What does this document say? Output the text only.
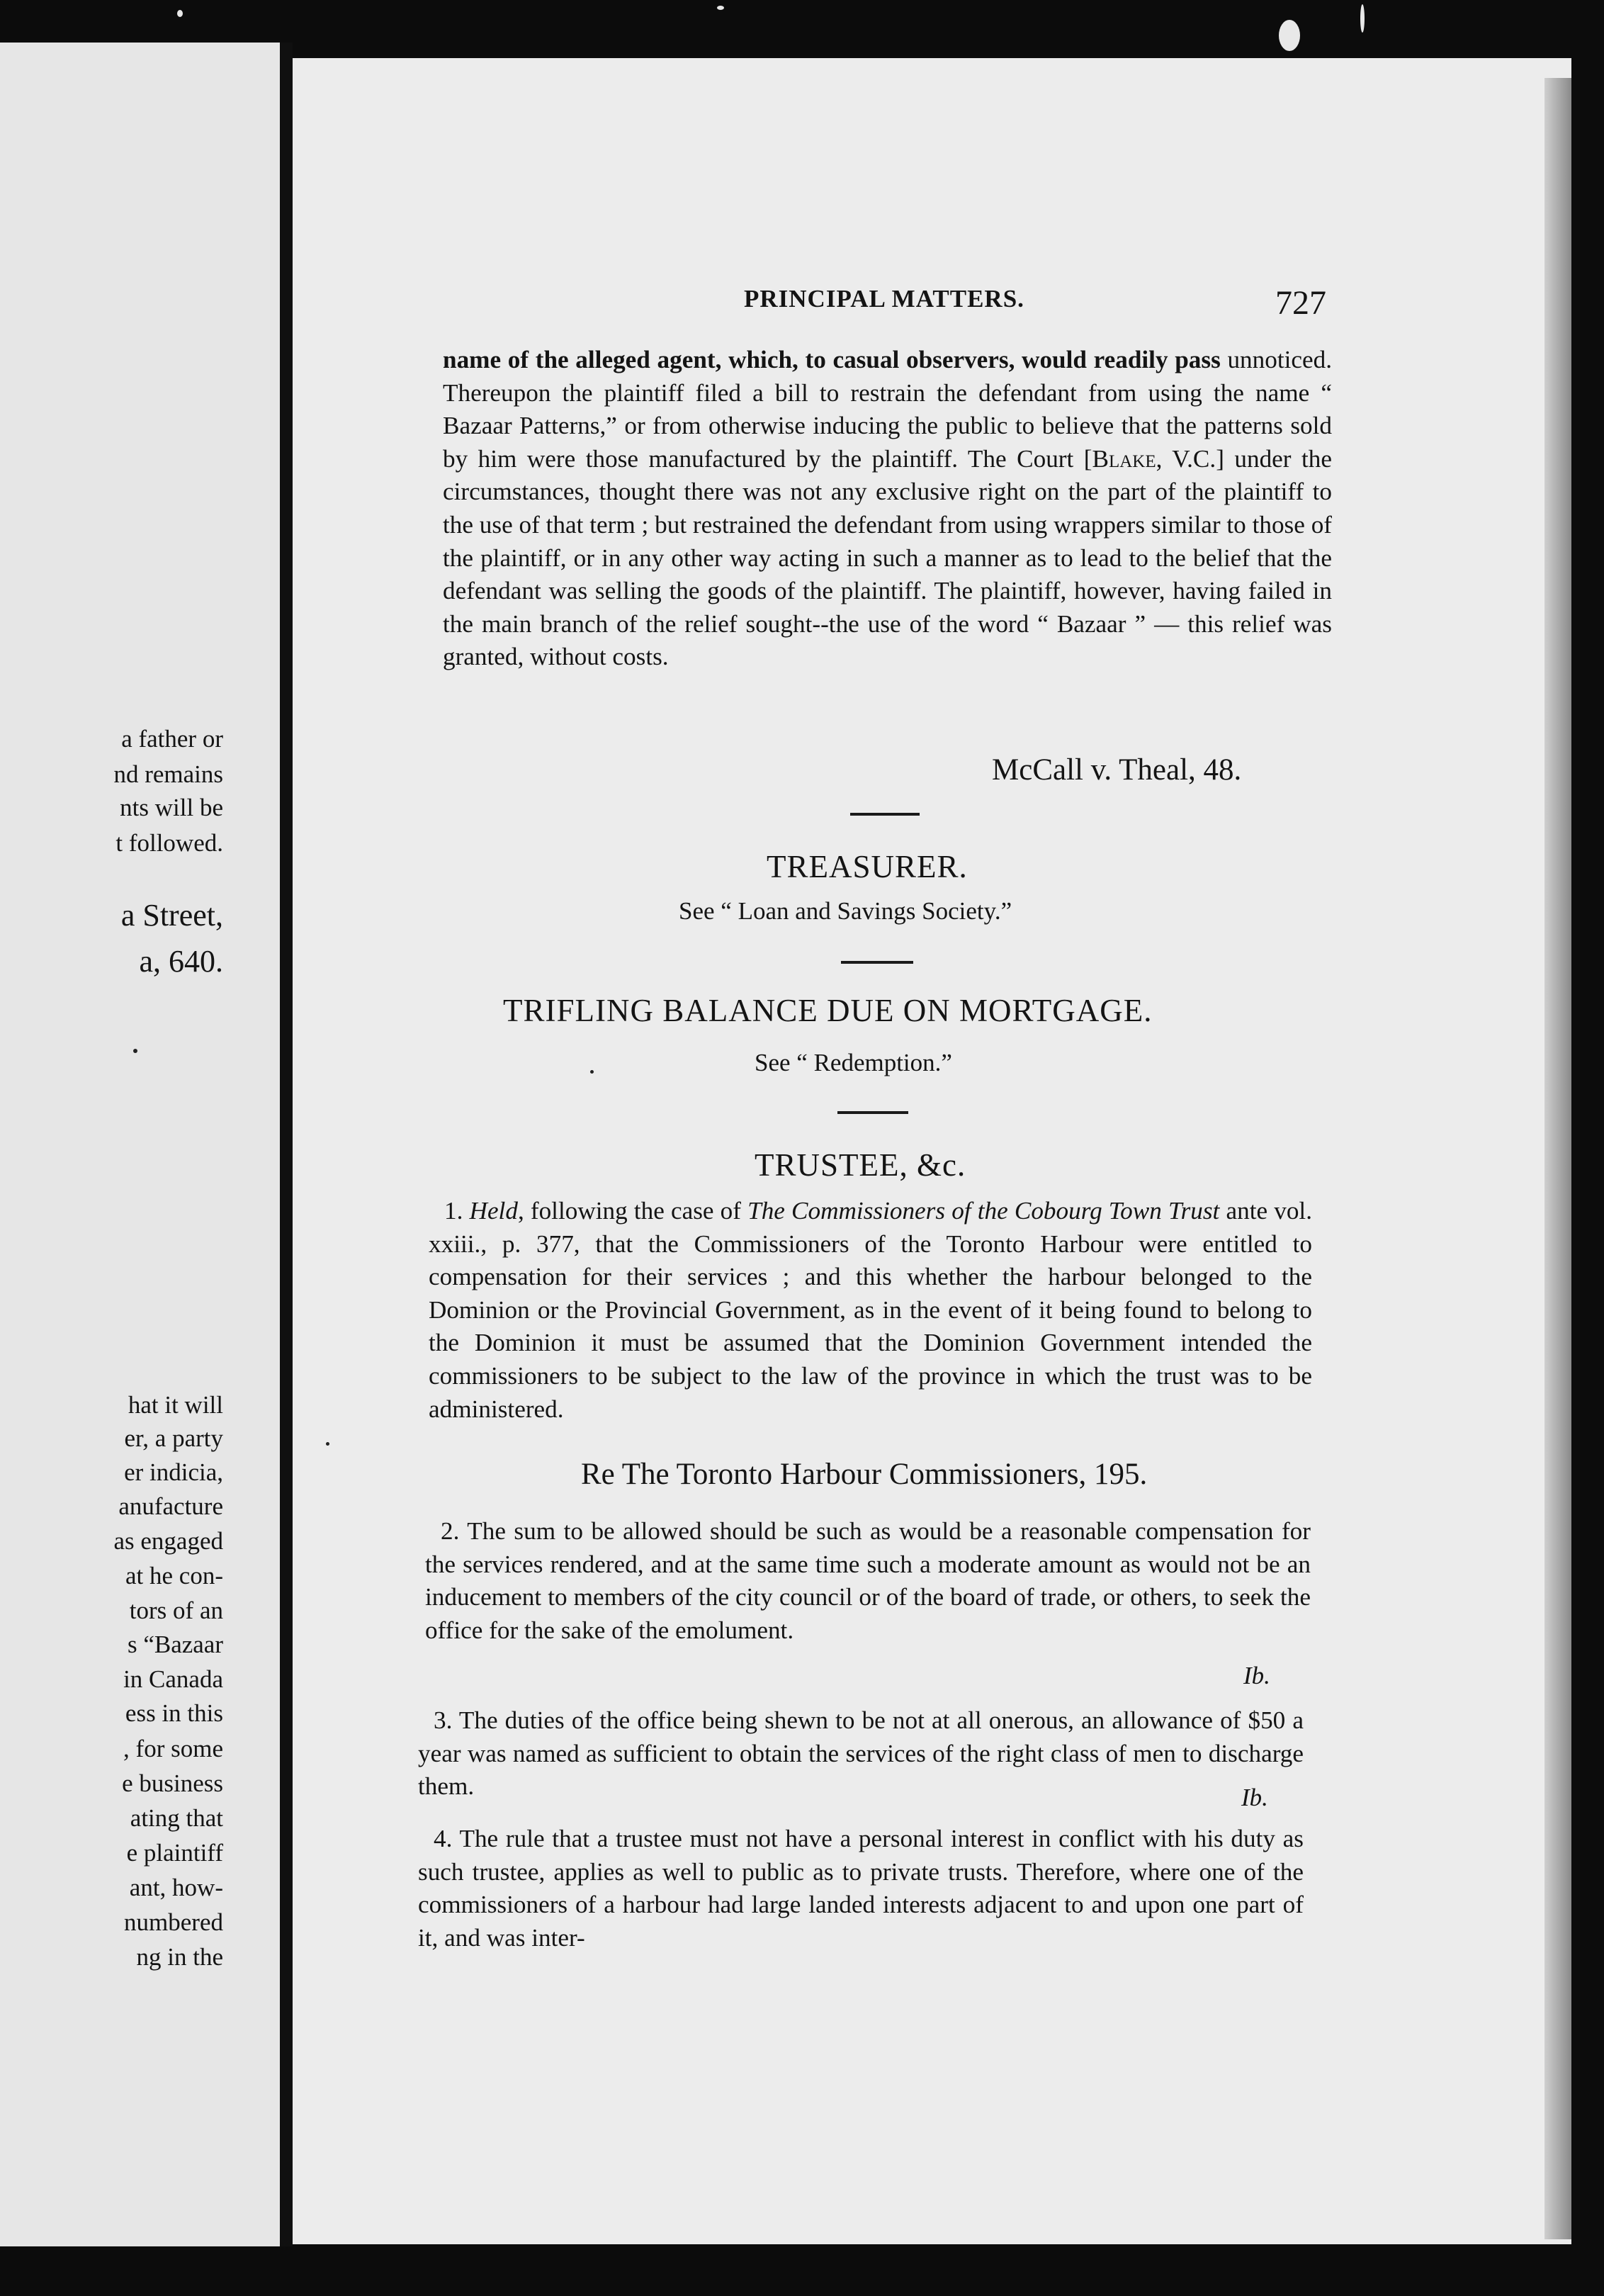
a father or
nd remains
nts will be
t followed.
a Street,
a, 640.
hat it will
er, a party
er indicia,
anufacture
as engaged
at he con-
tors of an
s “Bazaar
in Canada
ess in this
, for some
e business
ating that
e plaintiff
ant, how-
numbered
ng in the
PRINCIPAL MATTERS.	727

name of the alleged agent, which, to casual observers, would readily pass unnoticed. Thereupon the plaintiff filed a bill to restrain the defendant from using the name “ Bazaar Patterns,” or from otherwise inducing the public to believe that the patterns sold by him were those manufactured by the plaintiff. The Court [Blake, V.C.] under the circumstances, thought there was not any exclusive right on the part of the plaintiff to the use of that term ; but restrained the defendant from using wrappers similar to those of the plaintiff, or in any other way acting in such a manner as to lead to the belief that the defendant was selling the goods of the plaintiff. The plaintiff, however, having failed in the main branch of the relief sought--the use of the word “ Bazaar ” — this relief was granted, without costs.

McCall v. Theal, 48.
TREASURER.
See “ Loan and Savings Society.”
TRIFLING BALANCE DUE ON MORTGAGE.
See “ Redemption.”
TRUSTEE, &c.

1. Held, following the case of The Commissioners of the Cobourg Town Trust ante vol. xxiii., p. 377, that the Commissioners of the Toronto Harbour were entitled to compensation for their services ; and this whether the harbour belonged to the Dominion or the Provincial Government, as in the event of it being found to belong to the Dominion it must be assumed that the Dominion Government intended the commissioners to be subject to the law of the province in which the trust was to be administered.

Re The Toronto Harbour Commissioners, 195.

2. The sum to be allowed should be such as would be a reasonable compensation for the services rendered, and at the same time such a moderate amount as would not be an inducement to members of the city council or of the board of trade, or others, to seek the office for the sake of the emolument.

Ib.

3. The duties of the office being shewn to be not at all onerous, an allowance of $50 a year was named as sufficient to obtain the services of the right class of men to discharge them.	Ib.

4. The rule that a trustee must not have a personal interest in conflict with his duty as such trustee, applies as well to public as to private trusts. Therefore, where one of the commissioners of a harbour had large landed interests adjacent to and upon one part of it, and was inter-
